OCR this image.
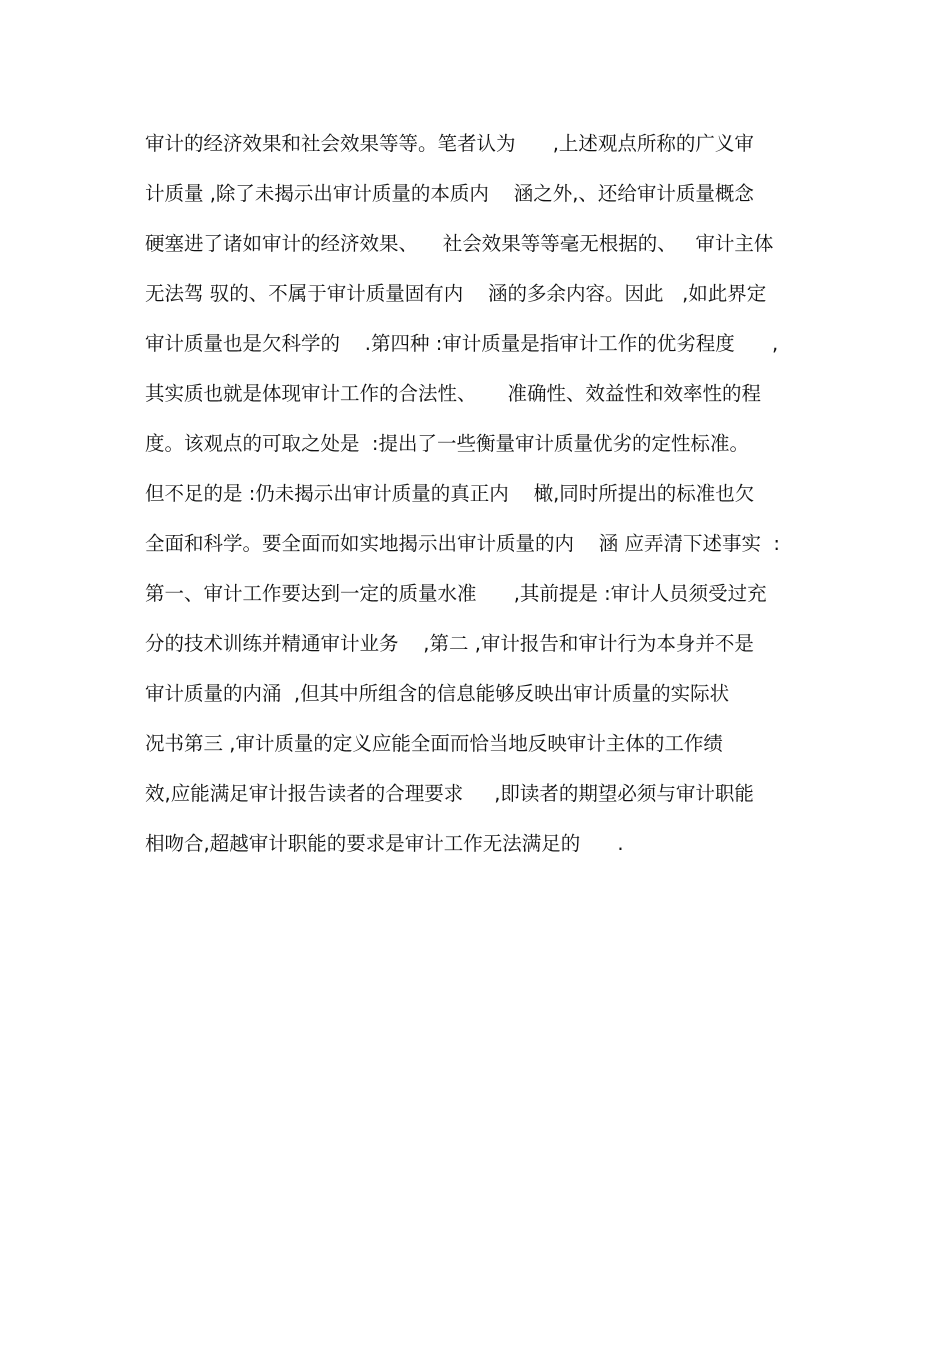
审计的经济效果和社会效果等等。笔者认为      ,上述观点所称的广义审
计质量 ,除了未揭示出审计质量的本质内    涵之外,、还给审计质量概念
硬塞进了诸如审计的经济效果、    社会效果等等毫无根据的、   审计主体
无法驾 驭的、不属于审计质量固有内    涵的多余内容。因此   ,如此界定
审计质量也是欠科学的    .第四种 :审计质量是指审计工作的优劣程度      ,
其实质也就是体现审计工作的合法性、     准确性、效益性和效率性的程
度。该观点的可取之处是  :提出了一些衡量审计质量优劣的定性标准。
但不足的是 :仍未揭示出审计质量的真正内    橄,同时所提出的标准也欠
全面和科学。要全面而如实地揭示出审计质量的内    涵 应弄清下述事实  :
第一、审计工作要达到一定的质量水准      ,其前提是 :审计人员须受过充
分的技术训练并精通审计业务    ,第二 ,审计报告和审计行为本身并不是
审计质量的内涌  ,但其中所组含的信息能够反映出审计质量的实际状
况书第三 ,审计质量的定义应能全面而恰当地反映审计主体的工作绩
效,应能满足审计报告读者的合理要求     ,即读者的期望必须与审计职能
相吻合,超越审计职能的要求是审计工作无法满足的      .
